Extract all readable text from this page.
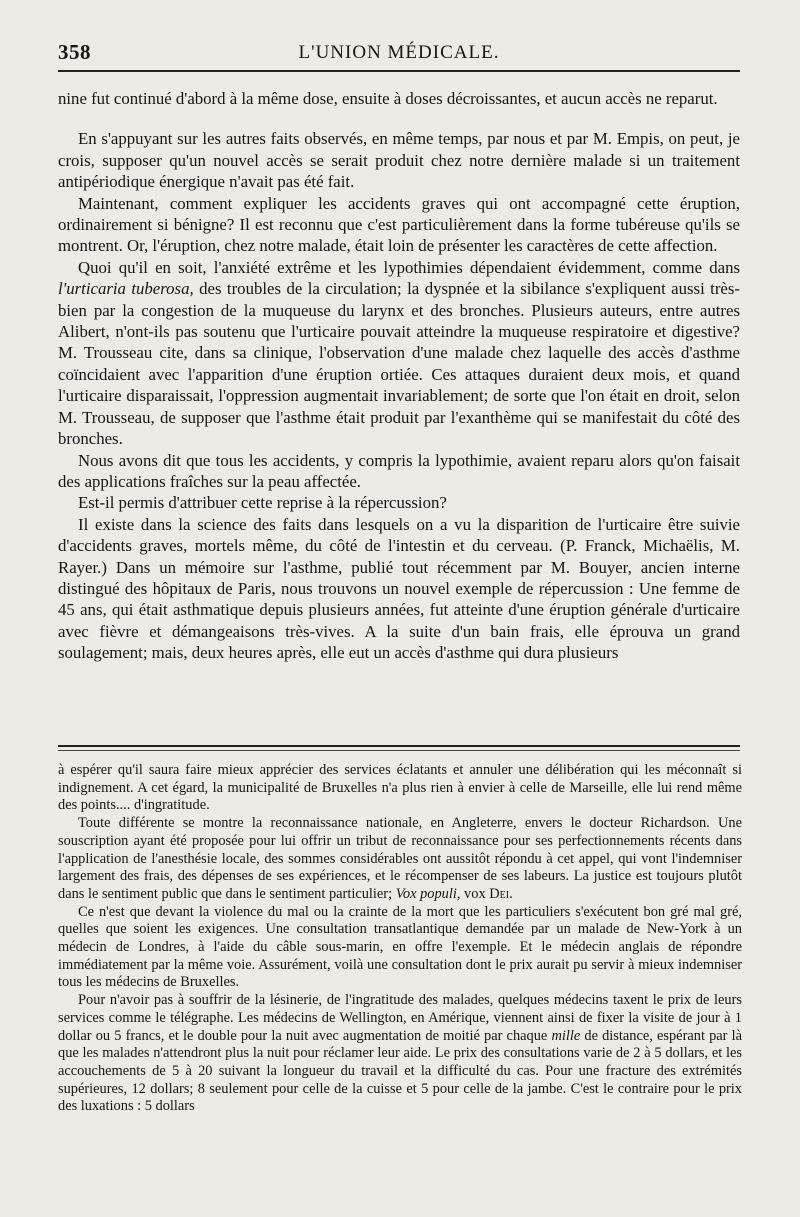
358	L'UNION MÉDICALE.

nine fut continué d'abord à la même dose, ensuite à doses décroissantes, et aucun accès ne reparut.

En s'appuyant sur les autres faits observés, en même temps, par nous et par M. Empis, on peut, je crois, supposer qu'un nouvel accès se serait produit chez notre dernière malade si un traitement antipériodique énergique n'avait pas été fait.

Maintenant, comment expliquer les accidents graves qui ont accompagné cette éruption, ordinairement si bénigne? Il est reconnu que c'est particulièrement dans la forme tubéreuse qu'ils se montrent. Or, l'éruption, chez notre malade, était loin de présenter les caractères de cette affection.

Quoi qu'il en soit, l'anxiété extrême et les lypothimies dépendaient évidemment, comme dans l'urticaria tuberosa, des troubles de la circulation; la dyspnée et la sibilance s'expliquent aussi très-bien par la congestion de la muqueuse du larynx et des bronches. Plusieurs auteurs, entre autres Alibert, n'ont-ils pas soutenu que l'urticaire pouvait atteindre la muqueuse respiratoire et digestive? M. Trousseau cite, dans sa clinique, l'observation d'une malade chez laquelle des accès d'asthme coïncidaient avec l'apparition d'une éruption ortiée. Ces attaques duraient deux mois, et quand l'urticaire disparaissait, l'oppression augmentait invariablement; de sorte que l'on était en droit, selon M. Trousseau, de supposer que l'asthme était produit par l'exanthème qui se manifestait du côté des bronches.

Nous avons dit que tous les accidents, y compris la lypothimie, avaient reparu alors qu'on faisait des applications fraîches sur la peau affectée.

Est-il permis d'attribuer cette reprise à la répercussion?

Il existe dans la science des faits dans lesquels on a vu la disparition de l'urticaire être suivie d'accidents graves, mortels même, du côté de l'intestin et du cerveau. (P. Franck, Michaëlis, M. Rayer.) Dans un mémoire sur l'asthme, publié tout récemment par M. Bouyer, ancien interne distingué des hôpitaux de Paris, nous trouvons un nouvel exemple de répercussion : Une femme de 45 ans, qui était asthmatique depuis plusieurs années, fut atteinte d'une éruption générale d'urticaire avec fièvre et démangeaisons très-vives. A la suite d'un bain frais, elle éprouva un grand soulagement; mais, deux heures après, elle eut un accès d'asthme qui dura plusieurs

à espérer qu'il saura faire mieux apprécier des services éclatants et annuler une délibération qui les méconnaît si indignement. A cet égard, la municipalité de Bruxelles n'a plus rien à envier à celle de Marseille, elle lui rend même des points.... d'ingratitude.

Toute différente se montre la reconnaissance nationale, en Angleterre, envers le docteur Richardson. Une souscription ayant été proposée pour lui offrir un tribut de reconnaissance pour ses perfectionnements récents dans l'application de l'anesthésie locale, des sommes considérables ont aussitôt répondu à cet appel, qui vont l'indemniser largement des frais, des dépenses de ses expériences, et le récompenser de ses labeurs. La justice est toujours plutôt dans le sentiment public que dans le sentiment particulier; Vox populi, vox Dei.

Ce n'est que devant la violence du mal ou la crainte de la mort que les particuliers s'exécutent bon gré mal gré, quelles que soient les exigences. Une consultation transatlantique demandée par un malade de New-York à un médecin de Londres, à l'aide du câble sous-marin, en offre l'exemple. Et le médecin anglais de répondre immédiatement par la même voie. Assurément, voilà une consultation dont le prix aurait pu servir à mieux indemniser tous les médecins de Bruxelles.

Pour n'avoir pas à souffrir de la lésinerie, de l'ingratitude des malades, quelques médecins taxent le prix de leurs services comme le télégraphe. Les médecins de Wellington, en Amérique, viennent ainsi de fixer la visite de jour à 1 dollar ou 5 francs, et le double pour la nuit avec augmentation de moitié par chaque mille de distance, espérant par là que les malades n'attendront plus la nuit pour réclamer leur aide. Le prix des consultations varie de 2 à 5 dollars, et les accouchements de 5 à 20 suivant la longueur du travail et la difficulté du cas. Pour une fracture des extrémités supérieures, 12 dollars; 8 seulement pour celle de la cuisse et 5 pour celle de la jambe. C'est le contraire pour le prix des luxations : 5 dollars
